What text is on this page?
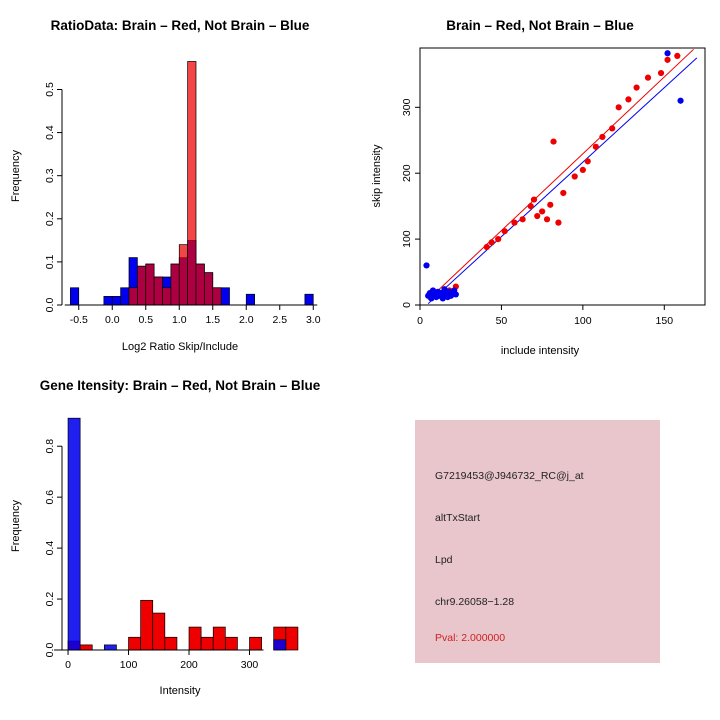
RatioData: Brain – Red, Not Brain – Blue
-0.5 0.0 0.5 1.0 1.5 2.0 2.5 3.0
0.0
0.1
0.2
0.3
0.4
0.5
Log2 Ratio Skip/Include
Frequency
Brain – Red, Not Brain – Blue
0	50	100	150
0
100
200
300
include intensity
skip intensity
Gene Itensity: Brain – Red, Not Brain – Blue
0	100	200	300
0.0
0.2
0.4
0.6
0.8
Intensity
Frequency
G7219453@J946732_RC@j_at
altTxStart
Lpd
chr9.26058−1.28
Pval: 2.000000
